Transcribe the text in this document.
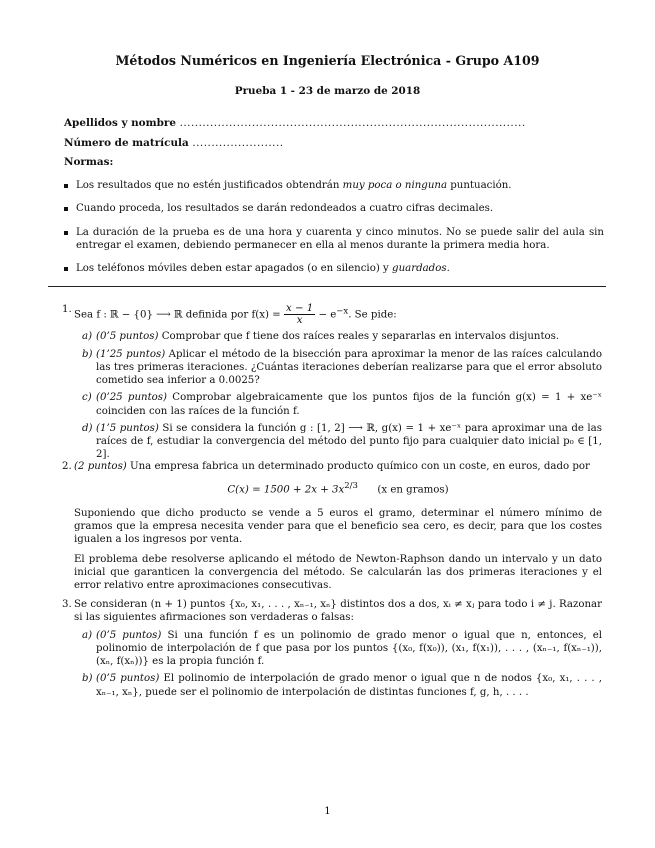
Métodos Numéricos en Ingeniería Electrónica - Grupo A109
Prueba 1 - 23 de marzo de 2018
Apellidos y nombre ...........................................................................................
Número de matrícula ........................
Normas:
Los resultados que no estén justificados obtendrán muy poca o ninguna puntuación.
Cuando proceda, los resultados se darán redondeados a cuatro cifras decimales.
La duración de la prueba es de una hora y cuarenta y cinco minutos. No se puede salir del aula sin entregar el examen, debiendo permanecer en ella al menos durante la primera media hora.
Los teléfonos móviles deben estar apagados (o en silencio) y guardados.
1.
Sea f : ℝ − {0} ⟶ ℝ definida por $f(x) = \frac{x - 1}{x} - e^{-x}$. Se pide:
a) (0’5 puntos) Comprobar que f tiene dos raíces reales y separarlas en intervalos disjuntos.
b) (1’25 puntos) Aplicar el método de la bisección para aproximar la menor de las raíces calculando las tres primeras iteraciones. ¿Cuántas iteraciones deberían realizarse para que el error absoluto cometido sea inferior a 0.0025?
c) (0’25 puntos) Comprobar algebraicamente que los puntos fijos de la función g(x) = 1 + xe⁻ˣ coinciden con las raíces de la función f.
d) (1’5 puntos) Si se considera la función g : [1, 2] ⟶ ℝ, g(x) = 1 + xe⁻ˣ para aproximar una de las raíces de f, estudiar la convergencia del método del punto fijo para cualquier dato inicial p₀ ∈ [1, 2].
2. (2 puntos) Una empresa fabrica un determinado producto químico con un coste, en euros, dado por
$C(x) = 1500 + 2x + 3x^{2/3}$ (x en gramos)
Suponiendo que dicho producto se vende a 5 euros el gramo, determinar el número mínimo de gramos que la empresa necesita vender para que el beneficio sea cero, es decir, para que los costes igualen a los ingresos por venta.
El problema debe resolverse aplicando el método de Newton-Raphson dando un intervalo y un dato inicial que garanticen la convergencia del método. Se calcularán las dos primeras iteraciones y el error relativo entre aproximaciones consecutivas.
3. Se consideran (n + 1) puntos {x₀, x₁, . . . , xₙ₋₁, xₙ} distintos dos a dos, xᵢ ≠ xⱼ para todo i ≠ j. Razonar si las siguientes afirmaciones son verdaderas o falsas:
a) (0’5 puntos) Si una función f es un polinomio de grado menor o igual que n, entonces, el polinomio de interpolación de f que pasa por los puntos {(x₀, f(x₀)), (x₁, f(x₁)), . . . , (xₙ₋₁, f(xₙ₋₁)), (xₙ, f(xₙ))} es la propia función f.
b) (0’5 puntos) El polinomio de interpolación de grado menor o igual que n de nodos {x₀, x₁, . . . , xₙ₋₁, xₙ}, puede ser el polinomio de interpolación de distintas funciones f, g, h, . . . .
1
